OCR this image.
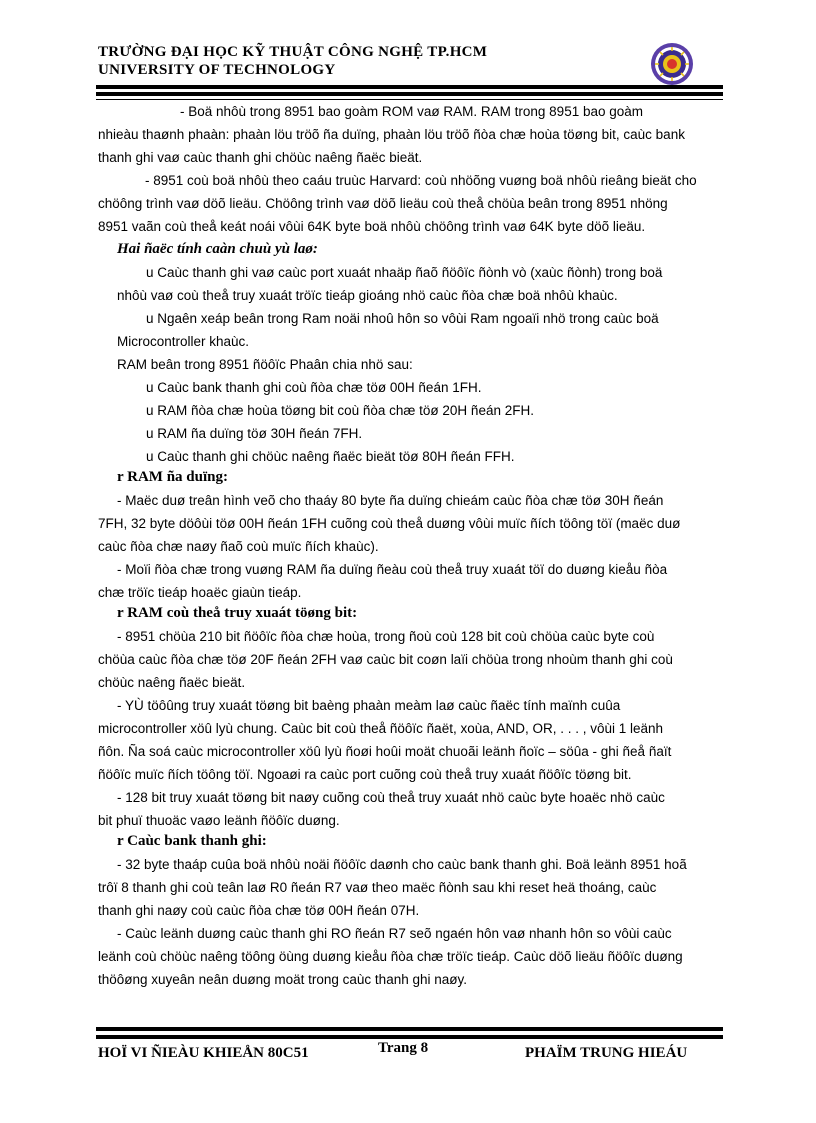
TRƯỜNG ĐẠI HỌC KỸ THUẬT CÔNG NGHỆ TP.HCM
UNIVERSITY OF TECHNOLOGY
- Boä nhôù trong 8951 bao goàm ROM vaø RAM. RAM trong 8951 bao goàm
nhieàu thaønh phaàn: phaàn löu tröõ ña duïng, phaàn löu tröõ ñòa chæ hoùa töøng bit, caùc bank
thanh ghi vaø caùc thanh ghi chöùc naêng ñaëc bieät.
- 8951 coù boä nhôù theo caáu truùc Harvard: coù nhöõng vuøng boä nhôù rieâng bieät cho
chöông trình vaø döõ lieäu. Chöông trình vaø döõ lieäu coù theå chöùa beân trong 8951 nhöng
8951 vaãn coù theå keát noái vôùi 64K byte boä nhôù chöông trình vaø 64K byte döõ lieäu.
Hai ñaëc tính caàn chuù yù laø:
u Caùc thanh ghi vaø caùc port xuaát nhaäp ñaõ ñöôïc ñònh vò (xaùc ñònh) trong boä
nhôù vaø coù theå truy xuaát tröïc tieáp gioáng nhö caùc ñòa chæ boä nhôù khaùc.
u Ngaên xeáp beân trong Ram noäi nhoû hôn so vôùi Ram ngoaïi nhö trong caùc boä
Microcontroller khaùc.
RAM beân trong 8951 ñöôïc Phaân chia nhö sau:
u Caùc bank thanh ghi coù ñòa chæ töø 00H ñeán 1FH.
u RAM ñòa chæ hoùa töøng bit coù ñòa chæ töø 20H ñeán 2FH.
u RAM ña duïng töø 30H ñeán 7FH.
u Caùc thanh ghi chöùc naêng ñaëc bieät töø 80H ñeán FFH.
r RAM ña duïng:
- Maëc duø treân hình veõ cho thaáy 80 byte ña duïng chieám caùc ñòa chæ töø 30H ñeán
7FH, 32 byte döôùi töø 00H ñeán 1FH cuõng coù theå duøng vôùi muïc ñích töông töï (maëc duø
caùc ñòa chæ naøy ñaõ coù muïc ñích khaùc).
- Moïi ñòa chæ trong vuøng RAM ña duïng ñeàu coù theå truy xuaát töï do duøng kieåu ñòa
chæ tröïc tieáp hoaëc giaùn tieáp.
r RAM coù theå truy xuaát töøng bit:
- 8951 chöùa 210 bit ñöôïc ñòa chæ hoùa, trong ñoù coù 128 bit coù chöùa caùc byte coù
chöùa caùc ñòa chæ töø 20F ñeán 2FH vaø caùc bit coøn laïi chöùa trong nhoùm thanh ghi coù
chöùc naêng ñaëc bieät.
- YÙ töôûng truy xuaát töøng bit baèng phaàn meàm laø caùc ñaëc tính maïnh cuûa
microcontroller xöû lyù chung. Caùc bit coù theå ñöôïc ñaët, xoùa, AND, OR, . . . , vôùi 1 leänh
ñôn. Ña soá caùc microcontroller xöû lyù ñoøi hoûi moät chuoãi leänh ñoïc – söûa - ghi ñeå ñaït
ñöôïc muïc ñích töông töï. Ngoaøi ra caùc port cuõng coù theå truy xuaát ñöôïc töøng bit.
- 128 bit truy xuaát töøng bit naøy cuõng coù theå truy xuaát nhö caùc byte hoaëc nhö caùc
bit phuï thuoäc vaøo leänh ñöôïc duøng.
r Caùc bank thanh ghi:
- 32 byte thaáp cuûa boä nhôù noäi ñöôïc daønh cho caùc bank thanh ghi. Boä leänh 8951 hoã
trôï 8 thanh ghi coù teân laø R0 ñeán R7 vaø theo maëc ñònh sau khi reset heä thoáng, caùc
thanh ghi naøy coù caùc ñòa chæ töø 00H ñeán 07H.
- Caùc leänh duøng caùc thanh ghi RO ñeán R7 seõ ngaén hôn vaø nhanh hôn so vôùi caùc
leänh coù chöùc naêng töông öùng duøng kieåu ñòa chæ tröïc tieáp. Caùc döõ lieäu ñöôïc duøng
thöôøng xuyeân neân duøng moät trong caùc thanh ghi naøy.
HOÏ VI ÑIEÀU KHIEÅN 80C51	Trang 8	PHAÏM TRUNG HIEÁU
